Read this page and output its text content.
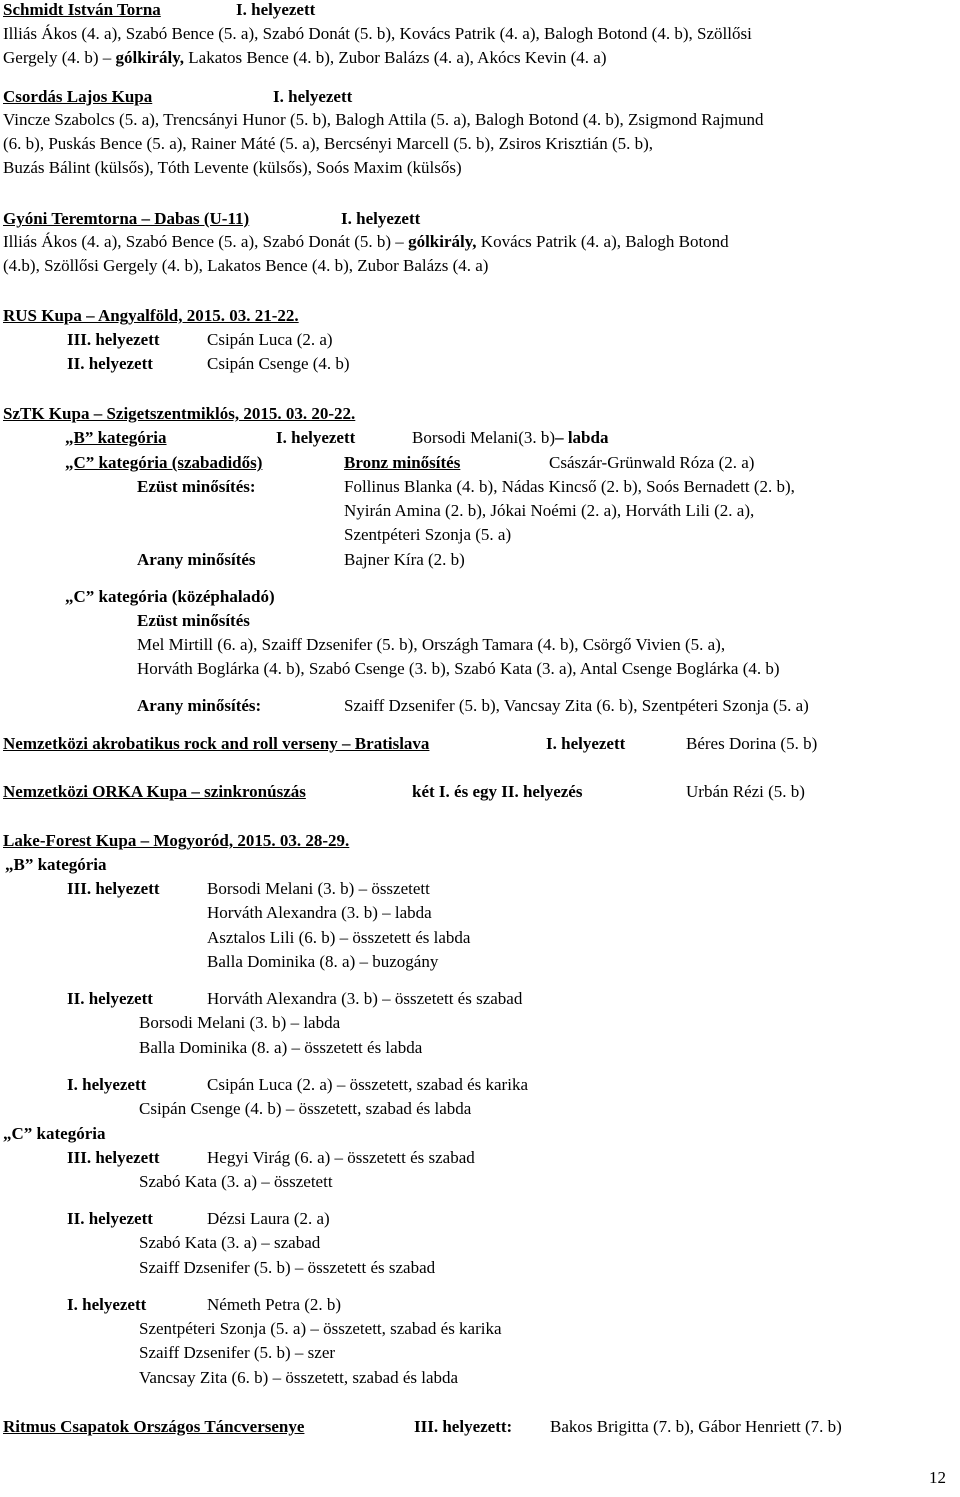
Schmidt István Torna	I. helyezett
Illiás Ákos (4. a), Szabó Bence (5. a), Szabó Donát (5. b), Kovács Patrik (4. a), Balogh Botond (4. b), Szöllősi
Gergely (4. b) – gólkirály, Lakatos Bence (4. b), Zubor Balázs (4. a), Akócs Kevin (4. a)
Csordás Lajos Kupa	I. helyezett
Vincze Szabolcs (5. a), Trencsányi Hunor (5. b), Balogh Attila (5. a), Balogh Botond (4. b), Zsigmond Rajmund
(6. b), Puskás Bence (5. a), Rainer Máté (5. a), Bercsényi Marcell (5. b), Zsiros Krisztián (5. b),
Buzás Bálint (külsős), Tóth Levente (külsős), Soós Maxim (külsős)
Gyóni Teremtorna – Dabas (U-11)	I. helyezett
Illiás Ákos (4. a), Szabó Bence (5. a), Szabó Donát (5. b) – gólkirály, Kovács Patrik (4. a), Balogh Botond
(4.b), Szöllősi Gergely (4. b), Lakatos Bence (4. b), Zubor Balázs (4. a)
RUS Kupa – Angyalföld, 2015. 03. 21-22.
III. helyezett	Csipán Luca (2. a)
II. helyezett	Csipán Csenge (4. b)
SzTK Kupa – Szigetszentmiklós, 2015. 03. 20-22.
„B” kategória	I. helyezett	Borsodi Melani(3. b)– labda
„C” kategória (szabadidős)	Bronz minősítés	Császár-Grünwald Róza (2. a)
Ezüst minősítés:	Follinus Blanka (4. b), Nádas Kincső (2. b), Soós Bernadett (2. b),
Nyirán Amina (2. b), Jókai Noémi (2. a), Horváth Lili (2. a),
Szentpéteri Szonja (5. a)
Arany minősítés	Bajner Kíra (2. b)
„C” kategória (középhaladó)
Ezüst minősítés
Mel Mirtill (6. a), Szaiff Dzsenifer (5. b), Országh Tamara (4. b), Csörgő Vivien (5. a),
Horváth Boglárka (4. b), Szabó Csenge (3. b), Szabó Kata (3. a), Antal Csenge Boglárka (4. b)
Arany minősítés:	Szaiff Dzsenifer (5. b), Vancsay Zita (6. b), Szentpéteri Szonja (5. a)
Nemzetközi akrobatikus rock and roll verseny – Bratislava	I. helyezett	Béres Dorina (5. b)
Nemzetközi ORKA Kupa – szinkronúszás	két I. és egy II. helyezés	Urbán Rézi (5. b)
Lake-Forest Kupa – Mogyoród, 2015. 03. 28-29.
„B” kategória
III. helyezett	Borsodi Melani (3. b) – összetett
Horváth Alexandra (3. b) – labda
Asztalos Lili (6. b) – összetett és labda
Balla Dominika (8. a) – buzogány
II. helyezett	Horváth Alexandra (3. b) – összetett és szabad
Borsodi Melani (3. b) – labda
Balla Dominika (8. a) – összetett és labda
I. helyezett	Csipán Luca (2. a) – összetett, szabad és karika
Csipán Csenge (4. b) – összetett, szabad és labda
„C” kategória
III. helyezett	Hegyi Virág (6. a) – összetett és szabad
Szabó Kata (3. a) – összetett
II. helyezett	Dézsi Laura (2. a)
Szabó Kata (3. a) – szabad
Szaiff Dzsenifer (5. b) – összetett és szabad
I. helyezett	Németh Petra (2. b)
Szentpéteri Szonja (5. a) – összetett, szabad és karika
Szaiff Dzsenifer (5. b) – szer
Vancsay Zita (6. b) – összetett, szabad és labda
Ritmus Csapatok Országos Táncversenye	III. helyezett: Bakos Brigitta (7. b), Gábor Henriett (7. b)
12
